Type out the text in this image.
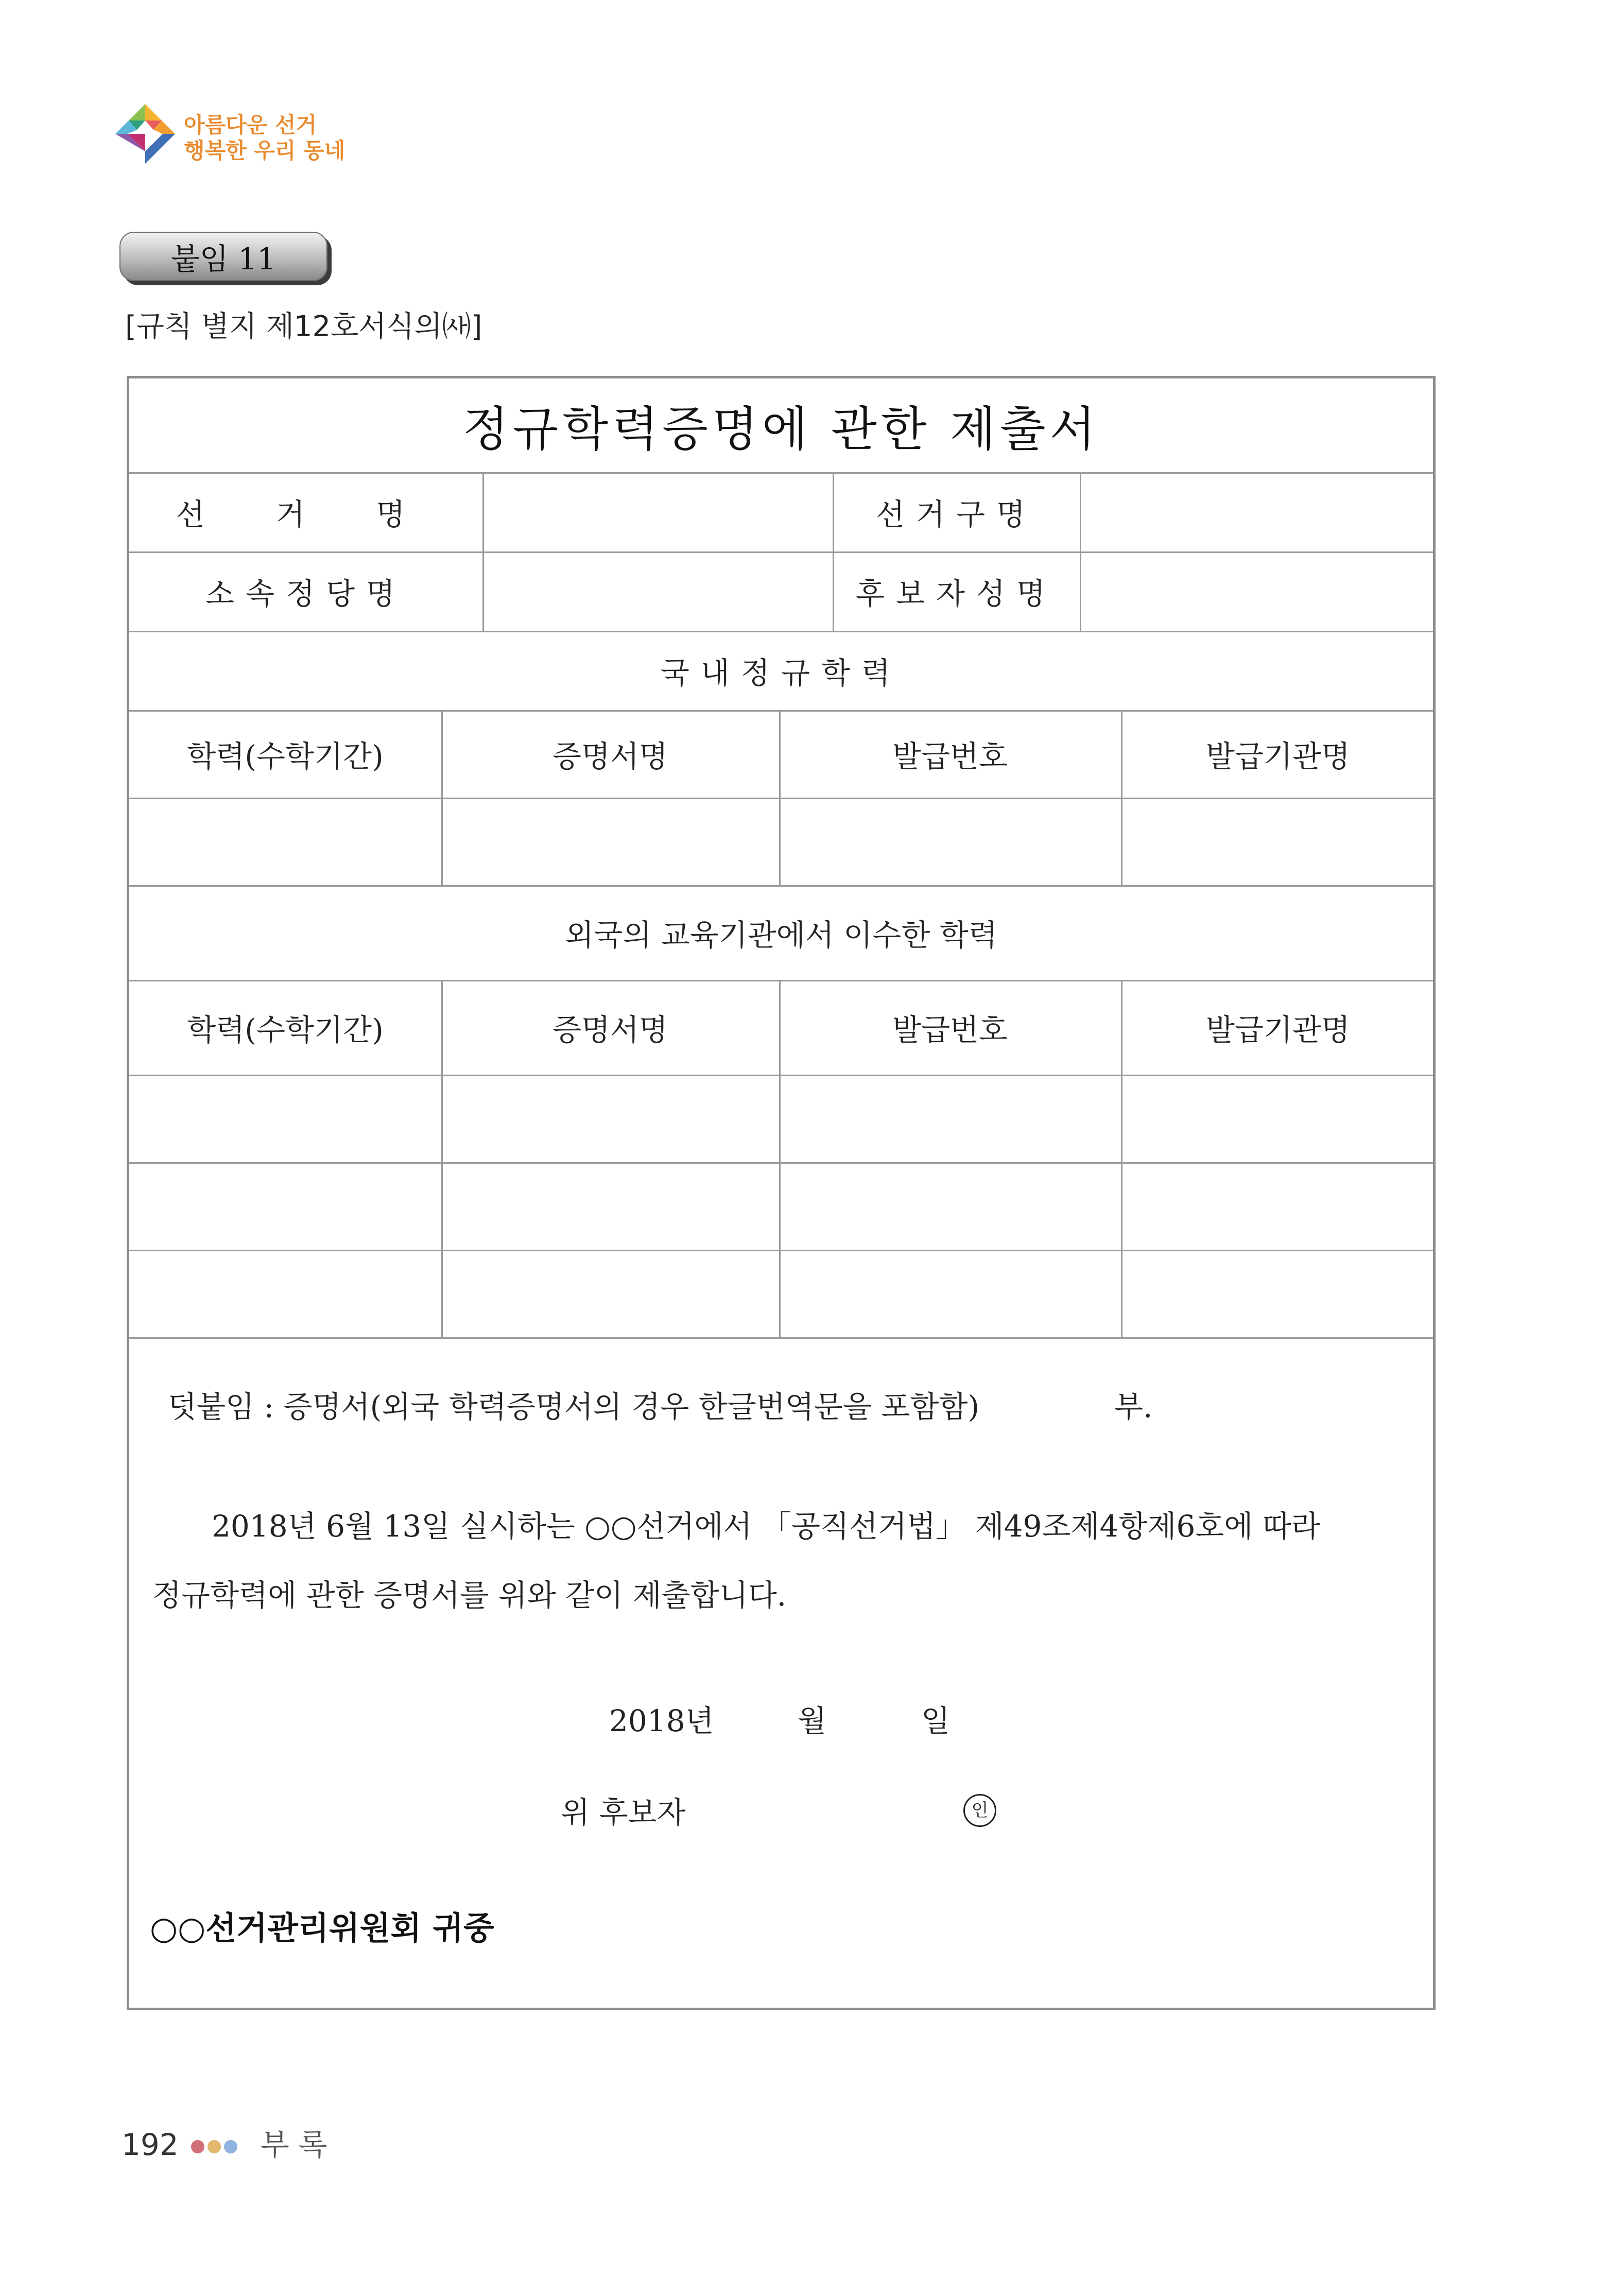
아름다운 선거
행복한 우리 동네
붙임 11
[규칙 별지 제12호서식의㈔]
정규학력증명에 관한 제출서
선 거 명	선거구명
소속정당명	후보자성명
국내정규학력
학력(수학기간)	증명서명	발급번호	발급기관명
외국의 교육기관에서 이수한 학력
학력(수학기간)	증명서명	발급번호	발급기관명
덧붙임 : 증명서(외국 학력증명서의 경우 한글번역문을 포함함)	부.
2018년 6월 13일 실시하는 ○○선거에서 「공직선거법」 제49조제4항제6호에 따라
정규학력에 관한 증명서를 위와 같이 제출합니다.
2018년	월	일
위 후보자	인
○○선거관리위원회 귀중
192	부록
